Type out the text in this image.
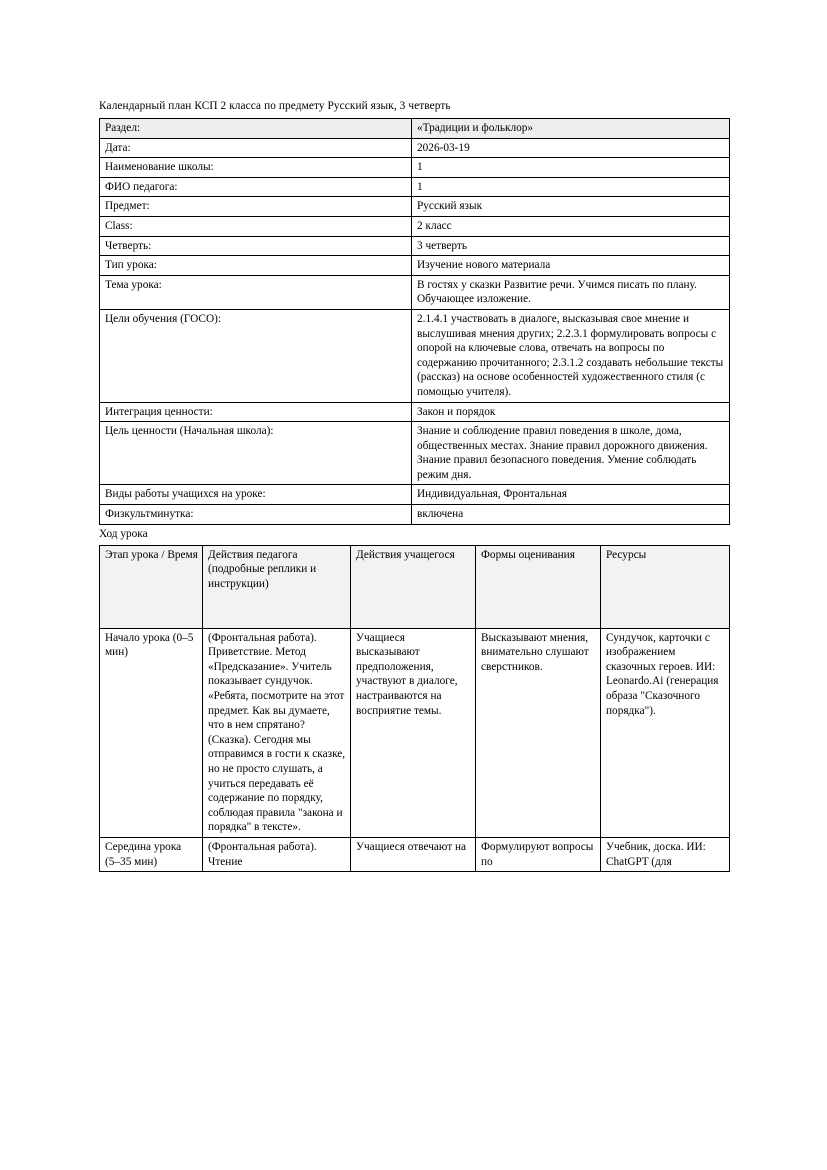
Календарный план КСП 2 класса по предмету Русский язык, 3 четверть

Раздел:	«Традиции и фольклор»
Дата:	2026-03-19
Наименование школы:	1
ФИО педагога:	1
Предмет:	Русский язык
Class:	2 класс
Четверть:	3 четверть
Тип урока:	Изучение нового материала
Тема урока:	В гостях у сказки Развитие речи. Учимся писать по плану. Обучающее изложение.
Цели обучения (ГОСО):	2.1.4.1 участвовать в диалоге, высказывая свое мнение и выслушивая мнения других; 2.2.3.1 формулировать вопросы с опорой на ключевые слова, отвечать на вопросы по содержанию прочитанного; 2.3.1.2 создавать небольшие тексты (рассказ) на основе особенностей художественного стиля (с помощью учителя).
Интеграция ценности:	Закон и порядок
Цель ценности (Начальная школа):	Знание и соблюдение правил поведения в школе, дома, общественных местах. Знание правил дорожного движения. Знание правил безопасного поведения. Умение соблюдать режим дня.
Виды работы учащихся на уроке:	Индивидуальная, Фронтальная
Физкультминутка:	включена

Ход урока

Этап урока / Время	Действия педагога (подробные реплики и инструкции)	Действия учащегося	Формы оценивания	Ресурсы
Начало урока (0–5 мин)	(Фронтальная работа). Приветствие. Метод «Предсказание». Учитель показывает сундучок. «Ребята, посмотрите на этот предмет. Как вы думаете, что в нем спрятано? (Сказка). Сегодня мы отправимся в гости к сказке, но не просто слушать, а учиться передавать её содержание по порядку, соблюдая правила "закона и порядка" в тексте».	Учащиеся высказывают предположения, участвуют в диалоге, настраиваются на восприятие темы.	Высказывают мнения, внимательно слушают сверстников.	Сундучок, карточки с изображением сказочных героев. ИИ: Leonardo.Ai (генерация образа "Сказочного порядка").
Середина урока (5–35 мин)	(Фронтальная работа). Чтение	Учащиеся отвечают на	Формулируют вопросы по	Учебник, доска. ИИ: ChatGPT (для
